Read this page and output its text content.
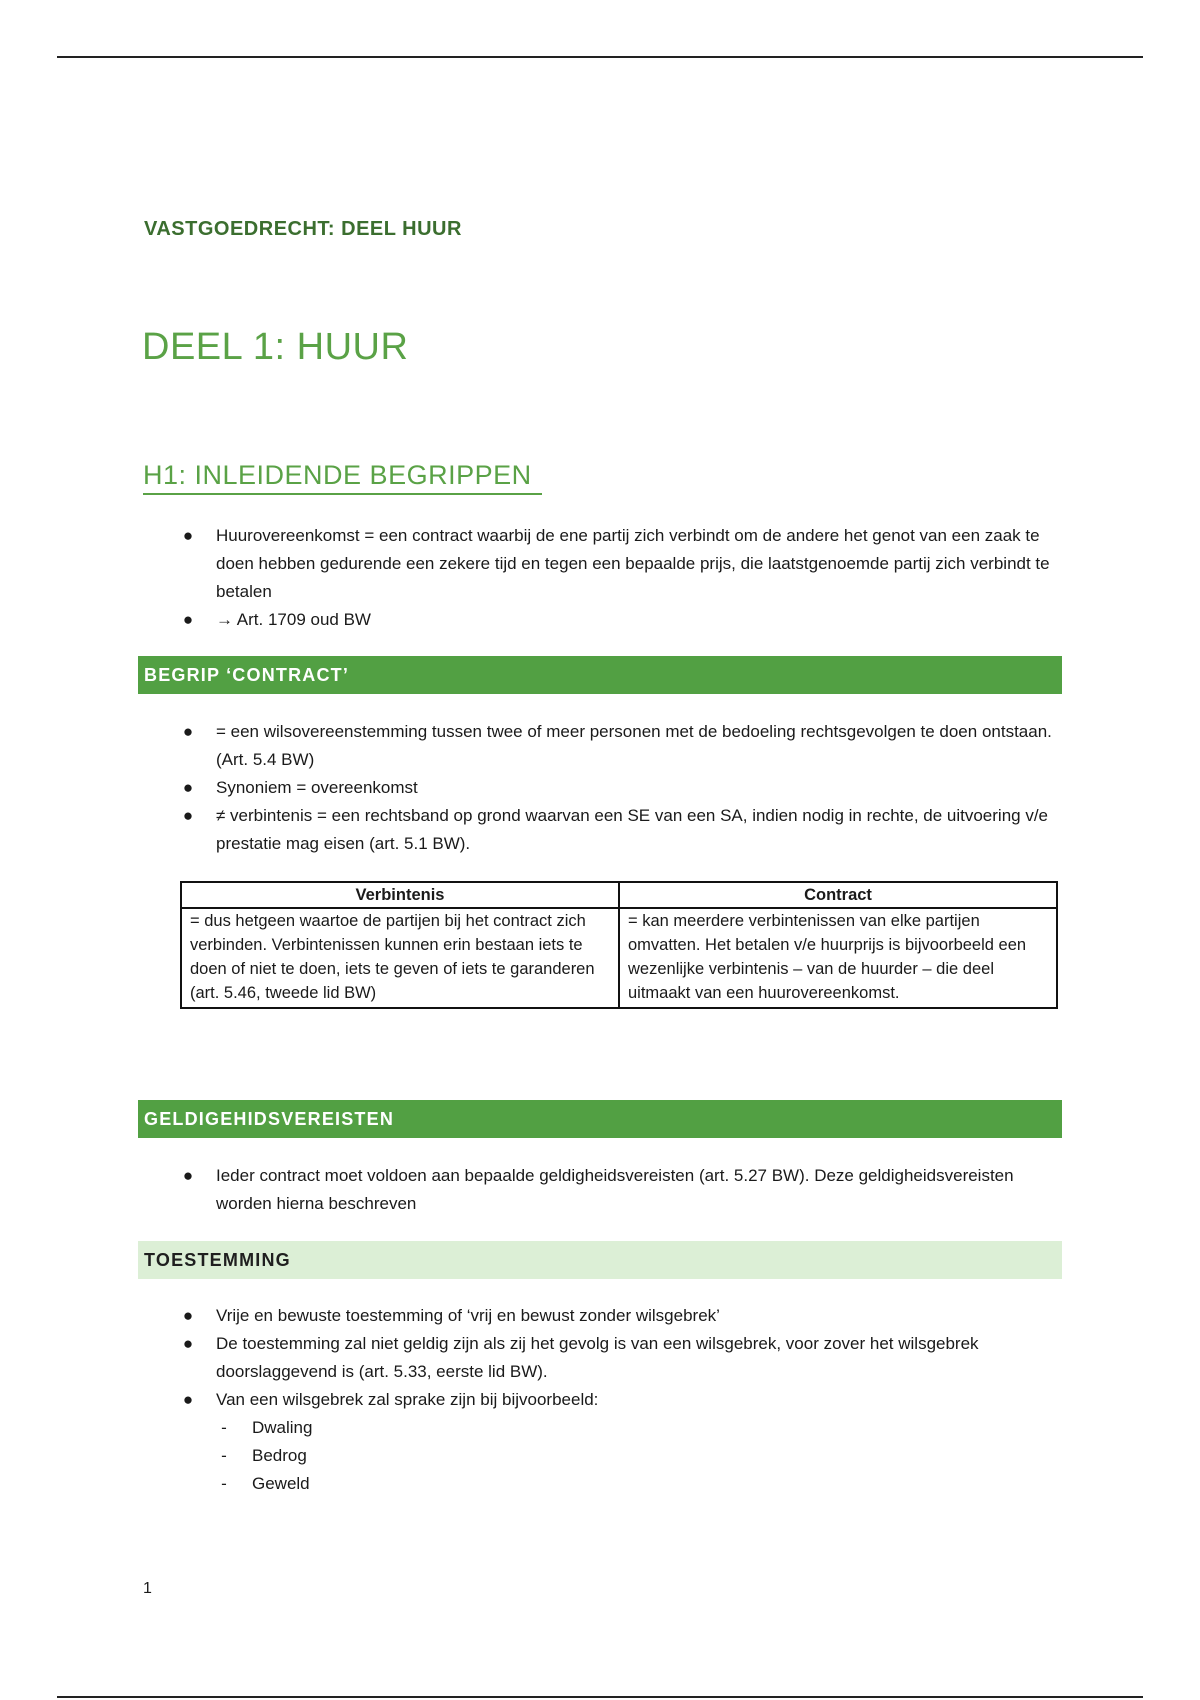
VASTGOEDRECHT: DEEL HUUR
DEEL 1: HUUR
H1: INLEIDENDE BEGRIPPEN
● Huurovereenkomst = een contract waarbij de ene partij zich verbindt om de andere het genot van een zaak te doen hebben gedurende een zekere tijd en tegen een bepaalde prijs, die laatstgenoemde partij zich verbindt te betalen
● → Art. 1709 oud BW
BEGRIP ‘CONTRACT’
● = een wilsovereenstemming tussen twee of meer personen met de bedoeling rechtsgevolgen te doen ontstaan. (Art. 5.4 BW)
● Synoniem = overeenkomst
● ≠ verbintenis = een rechtsband op grond waarvan een SE van een SA, indien nodig in rechte, de uitvoering v/e prestatie mag eisen (art. 5.1 BW).
Verbintenis	Contract
= dus hetgeen waartoe de partijen bij het contract zich verbinden. Verbintenissen kunnen erin bestaan iets te doen of niet te doen, iets te geven of iets te garanderen (art. 5.46, tweede lid BW)	= kan meerdere verbintenissen van elke partijen omvatten. Het betalen v/e huurprijs is bijvoorbeeld een wezenlijke verbintenis – van de huurder – die deel uitmaakt van een huurovereenkomst.
GELDIGEHIDSVEREISTEN
● Ieder contract moet voldoen aan bepaalde geldigheidsvereisten (art. 5.27 BW). Deze geldigheidsvereisten worden hierna beschreven
TOESTEMMING
● Vrije en bewuste toestemming of ‘vrij en bewust zonder wilsgebrek’
● De toestemming zal niet geldig zijn als zij het gevolg is van een wilsgebrek, voor zover het wilsgebrek doorslaggevend is (art. 5.33, eerste lid BW).
● Van een wilsgebrek zal sprake zijn bij bijvoorbeeld:
-	Dwaling
-	Bedrog
-	Geweld
1
